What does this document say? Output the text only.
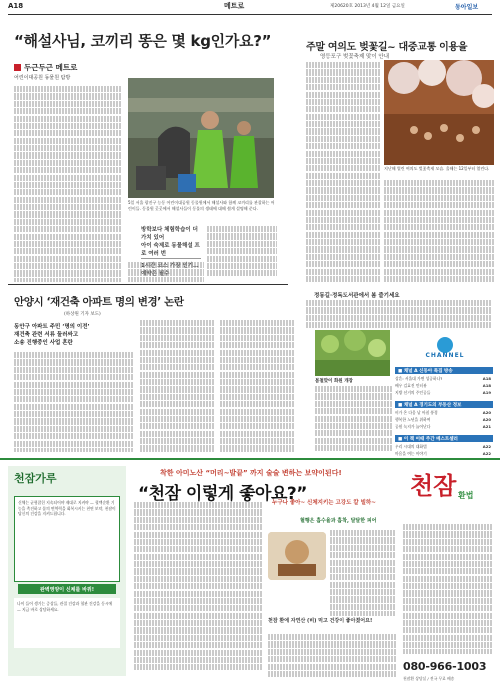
A18	메트로	제20620호 2013년 4월 12일 금요일	동아일보
“해설사님, 코끼리 똥은 몇 kg인가요?”
두근두근 메트로
어린이대공원 동물원 탐방
5일 서울 광진구 능동 어린이대공원 동물원에서 해설사와 함께 코끼리를 관찰하는 어린이들. 동물원 곳곳에서 해설사들이 동물의 생태에 대해 쉽게 설명해 준다.
방학보다 체험학습이 더 가치 있어
아이 숙제로 동물해설 프로 여러 번
1시간 코스 가장 인기… 예약은 필수
주말 여의도 벚꽃길~ 대중교통 이용을
영등포구 벚꽃축제 맞이 안내
지난해 열린 여의도 벚꽃축제 모습. 올해는 12일부터 열린다.
정동길·정독도서관에서 봄 즐기세요
봄철맞이 화원 개장
CHANNEL
■ 채널 A 신동아 특집 방송
상흔: 서울대 가면 성공하나?	A18
배우 김효진 인터뷰	A18
지방 선거의 주인공들	A19
■ 채널 A 경기도의 부동산 정보
비가 온 다음 날 아침 풍경	A20
행복한 노년을 위하여	A20
공원 녹지가 늘어난다	A21
■ 이 책 어때 주간 베스트셀러
우리 시대의 대화법	A22
마음을 여는 이야기	A22
안양시 ‘재건축 아파트 명의 변경’ 논란
(하상원 기자 보도)
동안구 아파트 주민 ‘명의 이전’
재건축 관련 서류 둘러싸고
소송 진행중인 사업 혼란
착한 아미노산 “머리~발끝” 까지 술술 변하는 보약이된다!
“천잠 이렇게 좋아요?”	천잠 환법
천잠가루
신체는 균형잡힌 지속되어야 제대로 지켜야 — 혈액순환 기능을 촉진하고 몸의 면역력을 회복시키는 천연 보약, 천잠이 당신의 건강을 지켜드립니다.
완벽영양이 신체를 바꿔!
나이 들어 생기는 증상들, 관절 건강과 혈관 건강을 동시에 — 지금 바로 상담하세요.
누구나 좋아~ 신체지키는 고강도 칼 빌하~
혈행은 흡수율과 흡착, 달달한 피어
천잠 환에 자연산 (비) 먹고 건강이 좋아졌어요!
080-966-1003
천잠환 상담실 / 전국 무료 배송
